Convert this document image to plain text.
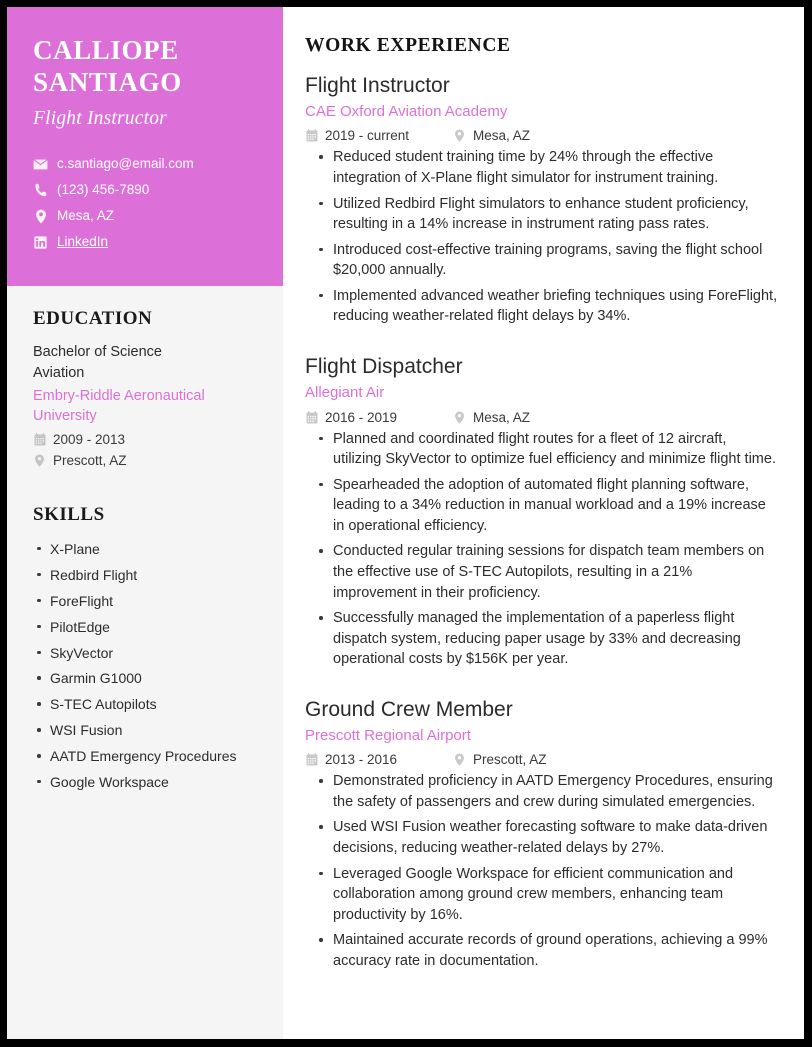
CALLIOPE SANTIAGO
Flight Instructor
c.santiago@email.com
(123) 456-7890
Mesa, AZ
LinkedIn
EDUCATION
Bachelor of Science
Aviation
Embry-Riddle Aeronautical University
2009 - 2013
Prescott, AZ
SKILLS
X-Plane
Redbird Flight
ForeFlight
PilotEdge
SkyVector
Garmin G1000
S-TEC Autopilots
WSI Fusion
AATD Emergency Procedures
Google Workspace
WORK EXPERIENCE
Flight Instructor
CAE Oxford Aviation Academy
2019 - current	Mesa, AZ
Reduced student training time by 24% through the effective integration of X-Plane flight simulator for instrument training.
Utilized Redbird Flight simulators to enhance student proficiency, resulting in a 14% increase in instrument rating pass rates.
Introduced cost-effective training programs, saving the flight school $20,000 annually.
Implemented advanced weather briefing techniques using ForeFlight, reducing weather-related flight delays by 34%.
Flight Dispatcher
Allegiant Air
2016 - 2019	Mesa, AZ
Planned and coordinated flight routes for a fleet of 12 aircraft, utilizing SkyVector to optimize fuel efficiency and minimize flight time.
Spearheaded the adoption of automated flight planning software, leading to a 34% reduction in manual workload and a 19% increase in operational efficiency.
Conducted regular training sessions for dispatch team members on the effective use of S-TEC Autopilots, resulting in a 21% improvement in their proficiency.
Successfully managed the implementation of a paperless flight dispatch system, reducing paper usage by 33% and decreasing operational costs by $156K per year.
Ground Crew Member
Prescott Regional Airport
2013 - 2016	Prescott, AZ
Demonstrated proficiency in AATD Emergency Procedures, ensuring the safety of passengers and crew during simulated emergencies.
Used WSI Fusion weather forecasting software to make data-driven decisions, reducing weather-related delays by 27%.
Leveraged Google Workspace for efficient communication and collaboration among ground crew members, enhancing team productivity by 16%.
Maintained accurate records of ground operations, achieving a 99% accuracy rate in documentation.
